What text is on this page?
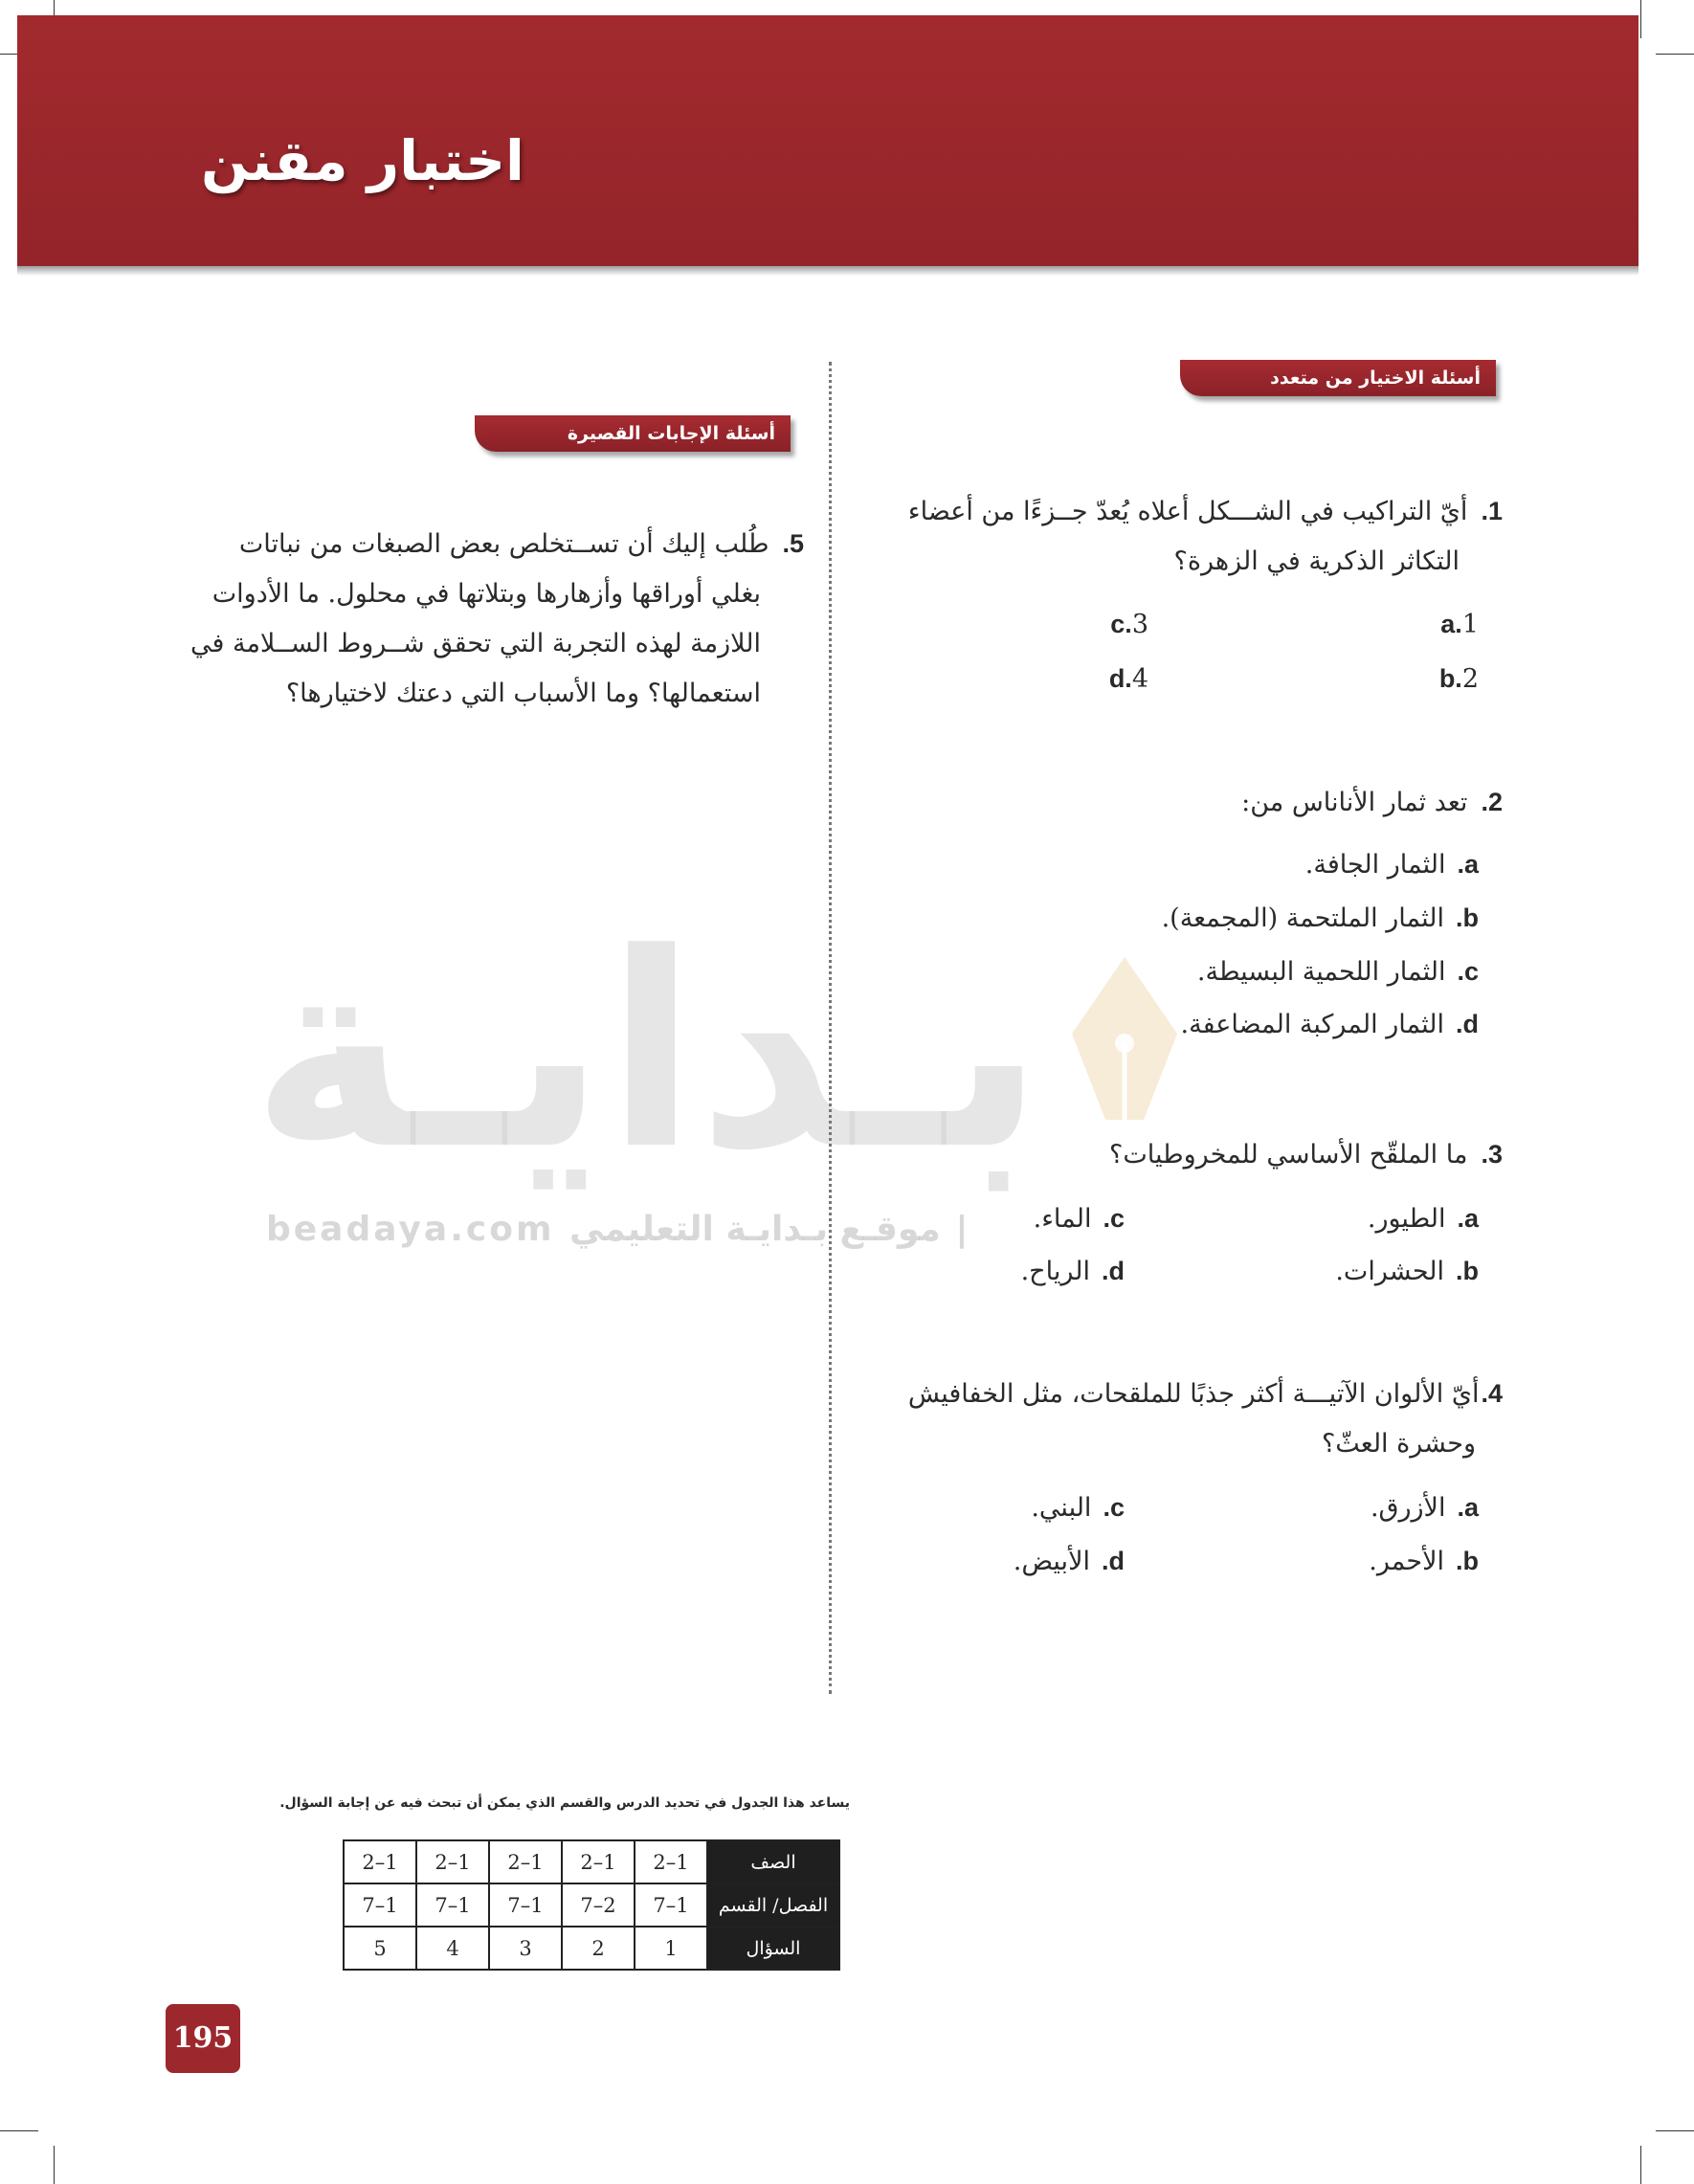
اختبار مقنن
بـدايـة
beadaya.com | موقـع بـدايـة التعليمي
أسئلة الاختيار من متعدد
أسئلة الإجابات القصيرة
1.أيّ التراكيب في الشـــكل أعلاه يُعدّ جــزءًا من أعضاء
التكاثر الذكرية في الزهرة؟
a.1
b.2
c.3
d.4
2.تعد ثمار الأناناس من:
a.الثمار الجافة.
b.الثمار الملتحمة (المجمعة).
c.الثمار اللحمية البسيطة.
d.الثمار المركبة المضاعفة.
3.ما الملقّح الأساسي للمخروطيات؟
a.الطيور.
b.الحشرات.
c.الماء.
d.الرياح.
4.أيّ الألوان الآتيـــة أكثر جذبًا للملقحات، مثل الخفافيش
وحشرة العثّ؟
a.الأزرق.
b.الأحمر.
c.البني.
d.الأبيض.
5.طُلب إليك أن تســتخلص بعض الصبغات من نباتات
بغلي أوراقها وأزهارها وبتلاتها في محلول. ما الأدوات
اللازمة لهذه التجربة التي تحقق شــروط الســلامة في
استعمالها؟ وما الأسباب التي دعتك لاختيارها؟
يساعد هذا الجدول في تحديد الدرس والقسم الذي يمكن أن تبحث فيه عن إجابة السؤال.
الصف	1–2	1–2	1–2	1–2	1–2
الفصل/ القسم	1–7	2–7	1–7	1–7	1–7
السؤال	1	2	3	4	5
195
